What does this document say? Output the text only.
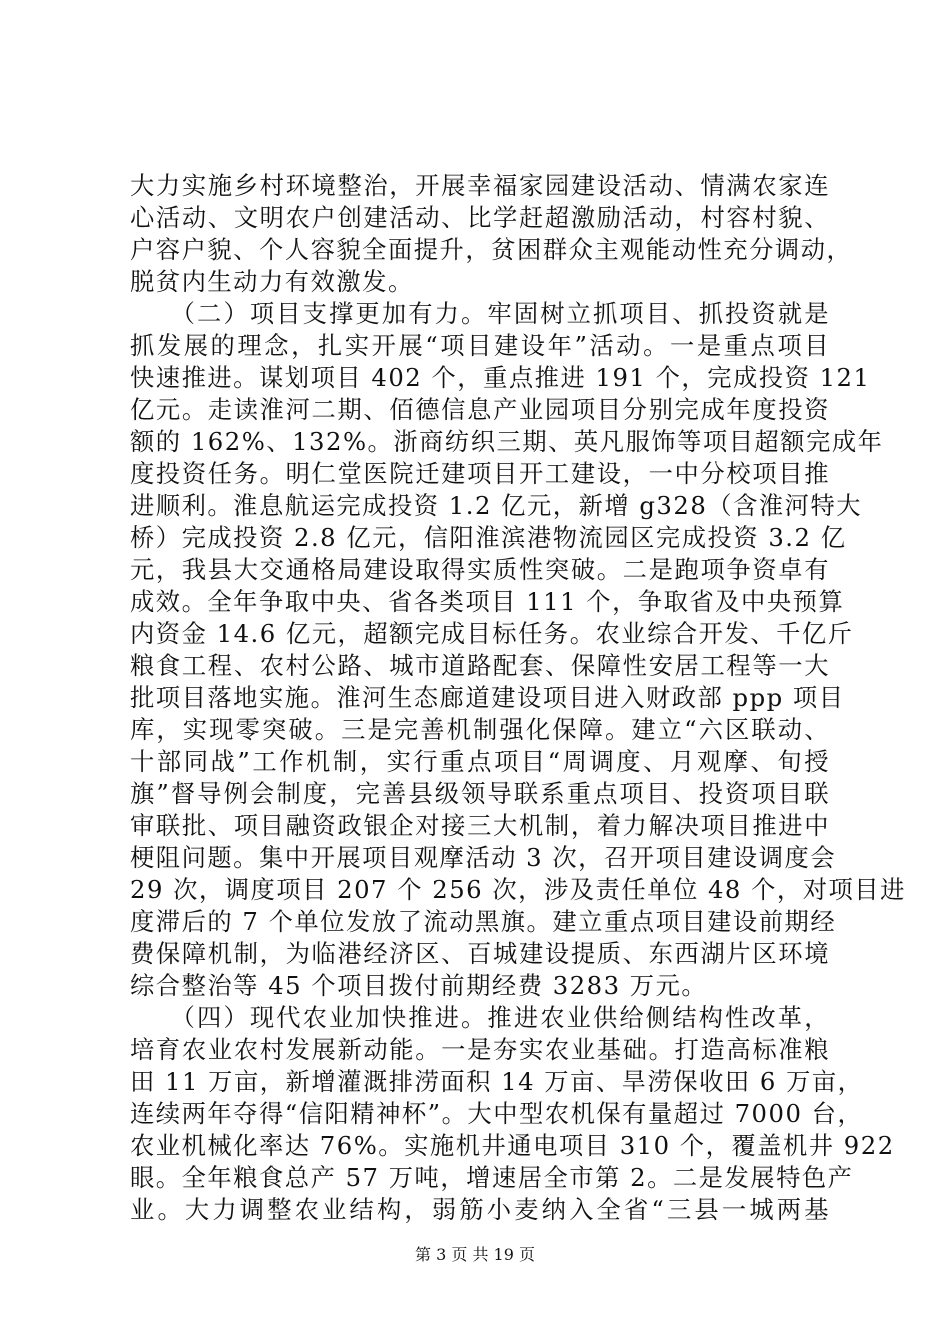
大力实施乡村环境整治，开展幸福家园建设活动、情满农家连
心活动、文明农户创建活动、比学赶超激励活动，村容村貌、
户容户貌、个人容貌全面提升，贫困群众主观能动性充分调动，
脱贫内生动力有效激发。
　　（二）项目支撑更加有力。牢固树立抓项目、抓投资就是
抓发展的理念，扎实开展“项目建设年”活动。一是重点项目
快速推进。谋划项目 402 个，重点推进 191 个，完成投资 121
亿元。走读淮河二期、佰德信息产业园项目分别完成年度投资
额的 162%、132%。浙商纺织三期、英凡服饰等项目超额完成年
度投资任务。明仁堂医院迁建项目开工建设，一中分校项目推
进顺利。淮息航运完成投资 1.2 亿元，新增 g328（含淮河特大
桥）完成投资 2.8 亿元，信阳淮滨港物流园区完成投资 3.2 亿
元，我县大交通格局建设取得实质性突破。二是跑项争资卓有
成效。全年争取中央、省各类项目 111 个，争取省及中央预算
内资金 14.6 亿元，超额完成目标任务。农业综合开发、千亿斤
粮食工程、农村公路、城市道路配套、保障性安居工程等一大
批项目落地实施。淮河生态廊道建设项目进入财政部 ppp 项目
库，实现零突破。三是完善机制强化保障。建立“六区联动、
十部同战”工作机制，实行重点项目“周调度、月观摩、旬授
旗”督导例会制度，完善县级领导联系重点项目、投资项目联
审联批、项目融资政银企对接三大机制，着力解决项目推进中
梗阻问题。集中开展项目观摩活动 3 次，召开项目建设调度会
29 次，调度项目 207 个 256 次，涉及责任单位 48 个，对项目进
度滞后的 7 个单位发放了流动黑旗。建立重点项目建设前期经
费保障机制，为临港经济区、百城建设提质、东西湖片区环境
综合整治等 45 个项目拨付前期经费 3283 万元。
　　（四）现代农业加快推进。推进农业供给侧结构性改革，
培育农业农村发展新动能。一是夯实农业基础。打造高标准粮
田 11 万亩，新增灌溉排涝面积 14 万亩、旱涝保收田 6 万亩，
连续两年夺得“信阳精神杯”。大中型农机保有量超过 7000 台，
农业机械化率达 76%。实施机井通电项目 310 个，覆盖机井 922
眼。全年粮食总产 57 万吨，增速居全市第 2。二是发展特色产
业。大力调整农业结构，弱筋小麦纳入全省“三县一城两基
第 3 页 共 19 页
